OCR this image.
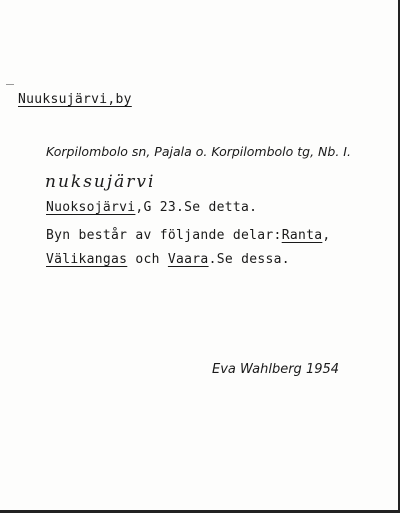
Nuuksujärvi,by
Korpilombolo sn, Pajala o. Korpilombolo tg, Nb. I.
nuksujärvi
Nuoksojärvi,G 23.Se detta.
Byn består av följande delar:Ranta,
Välikangas och Vaara.Se dessa.
Eva Wahlberg 1954
